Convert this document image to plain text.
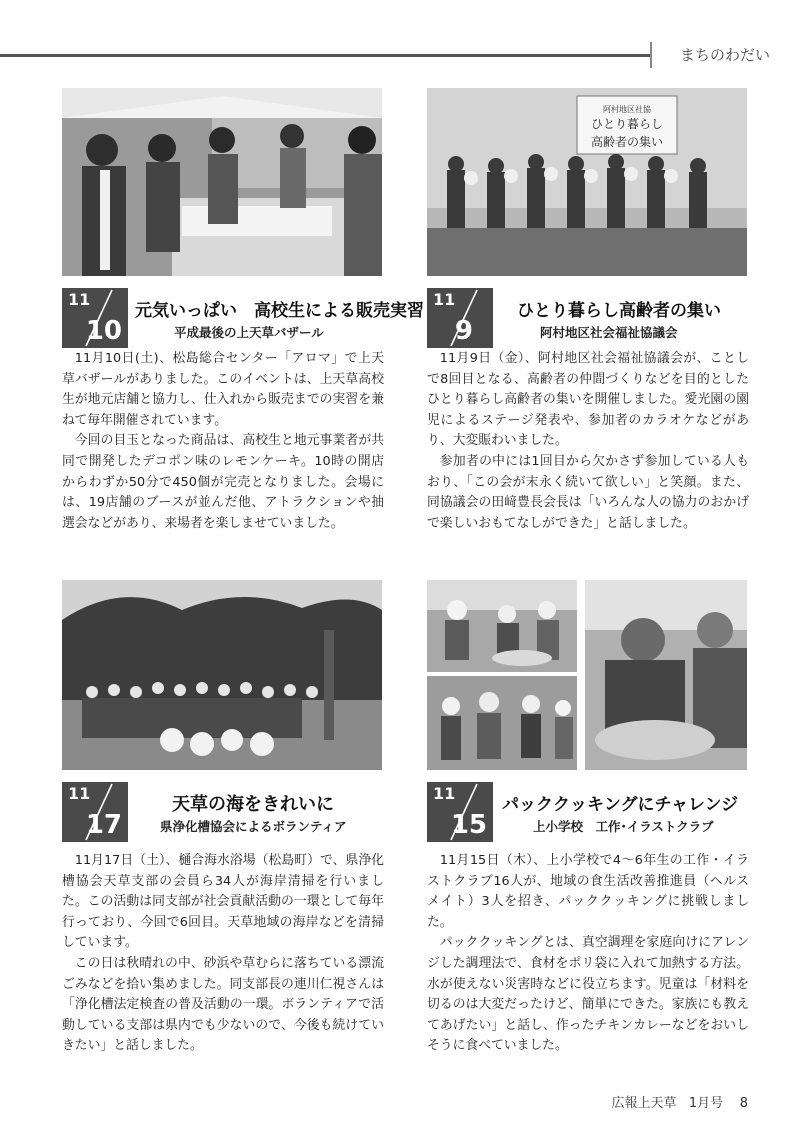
まちのわだい
11
10
元気いっぱい　高校生による販売実習
平成最後の上天草バザール

11月10日(土)、松島総合センター「アロマ」で上天草バザールがありました。このイベントは、上天草高校生が地元店舗と協力し、仕入れから販売までの実習を兼ねて毎年開催されています。

今回の目玉となった商品は、高校生と地元事業者が共同で開発したデコポン味のレモンケーキ。10時の開店からわずか50分で450個が完売となりました。会場には、19店舗のブースが並んだ他、アトラクションや抽選会などがあり、来場者を楽しませていました。

阿村地区社協
ひとり暮らし
高齢者の集い
11
9
ひとり暮らし高齢者の集い
阿村地区社会福祉協議会

11月9日（金）、阿村地区社会福祉協議会が、ことしで8回目となる、高齢者の仲間づくりなどを目的としたひとり暮らし高齢者の集いを開催しました。愛光園の園児によるステージ発表や、参加者のカラオケなどがあり、大変賑わいました。

参加者の中には1回目から欠かさず参加している人もおり、「この会が末永く続いて欲しい」と笑顔。また、同協議会の田﨑豊長会長は「いろんな人の協力のおかげで楽しいおもてなしができた」と話しました。

11
17
天草の海をきれいに
県浄化槽協会によるボランティア

11月17日（土）、樋合海水浴場（松島町）で、県浄化槽協会天草支部の会員ら34人が海岸清掃を行いました。この活動は同支部が社会貢献活動の一環として毎年行っており、今回で6回目。天草地域の海岸などを清掃しています。

この日は秋晴れの中、砂浜や草むらに落ちている漂流ごみなどを拾い集めました。同支部長の連川仁視さんは「浄化槽法定検査の普及活動の一環。ボランティアで活動している支部は県内でも少ないので、今後も続けていきたい」と話しました。

11
15
パッククッキングにチャレンジ
上小学校　工作･イラストクラブ

11月15日（木）、上小学校で4～6年生の工作・イラストクラブ16人が、地域の食生活改善推進員（ヘルスメイト）3人を招き、パッククッキングに挑戦しました。

パッククッキングとは、真空調理を家庭向けにアレンジした調理法で、食材をポリ袋に入れて加熱する方法。水が使えない災害時などに役立ちます。児童は「材料を切るのは大変だったけど、簡単にできた。家族にも教えてあげたい」と話し、作ったチキンカレーなどをおいしそうに食べていました。

広報上天草 1月号 8
